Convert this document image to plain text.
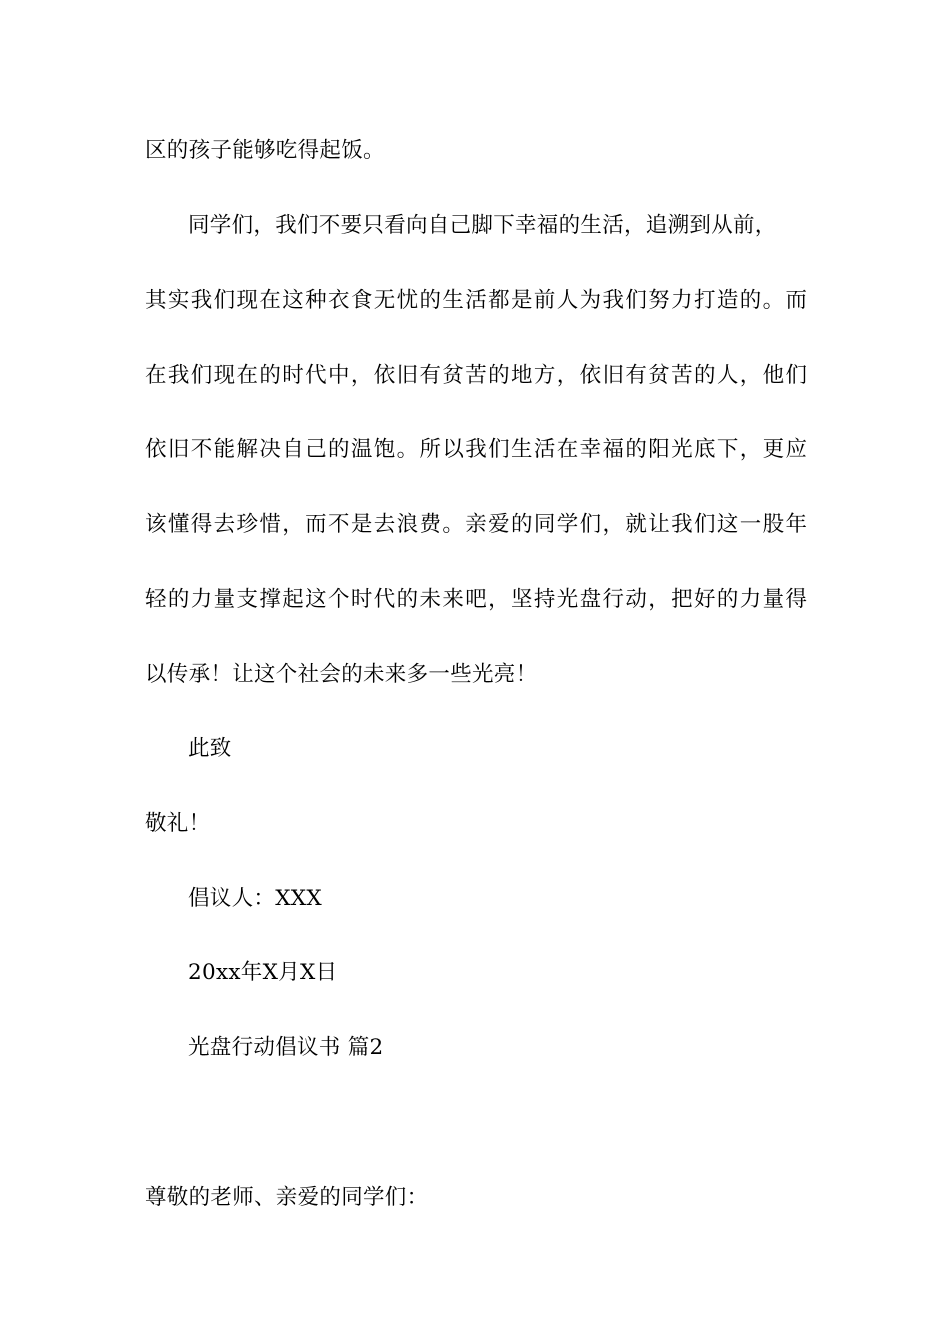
区的孩子能够吃得起饭。
同学们，我们不要只看向自己脚下幸福的生活，追溯到从前，
其实我们现在这种衣食无忧的生活都是前人为我们努力打造的。而
在我们现在的时代中，依旧有贫苦的地方，依旧有贫苦的人，他们
依旧不能解决自己的温饱。所以我们生活在幸福的阳光底下，更应
该懂得去珍惜，而不是去浪费。亲爱的同学们，就让我们这一股年
轻的力量支撑起这个时代的未来吧，坚持光盘行动，把好的力量得
以传承！让这个社会的未来多一些光亮！
此致
敬礼！
倡议人：XXX
20xx年X月X日
光盘行动倡议书 篇2
尊敬的老师、亲爱的同学们：
